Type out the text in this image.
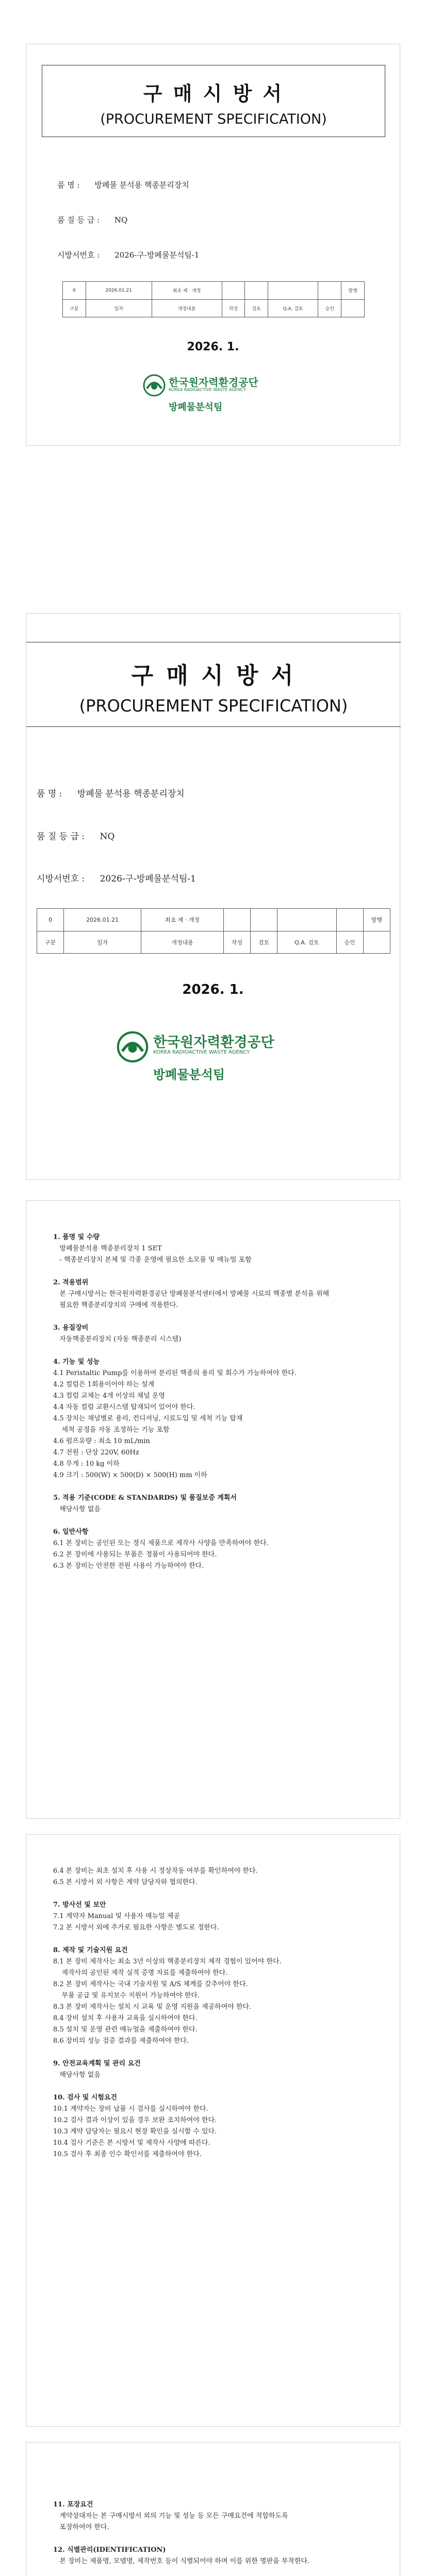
구 매 시 방 서
(PROCUREMENT SPECIFICATION)
품 명 : 방폐물 분석용 핵종분리장치
품 질 등 급 : NQ
시방서번호 : 2026-구-방폐물분석팀-1
0	2026.01.21	최초 제 · 개정					발행
구분	일자	개정내용	작성	검토	Q.A. 검토	승인	
2026. 1.
한국원자력환경공단
KOREA RADIOACTIVE WASTE AGENCY
방폐물분석팀
구 매 시 방 서
(PROCUREMENT SPECIFICATION)
품 명 : 방폐물 분석용 핵종분리장치
품 질 등 급 : NQ
시방서번호 : 2026-구-방폐물분석팀-1
0	2026.01.21	최초 제 · 개정					발행
구분	일자	개정내용	작성	검토	Q.A. 검토	승인	
2026. 1.
한국원자력환경공단
KOREA RADIOACTIVE WASTE AGENCY
방폐물분석팀
1. 품명 및 수량
방폐물분석용 핵종분리장치 1 SET
- 핵종분리장치 본체 및 각종 운영에 필요한 소모품 및 매뉴얼 포함
2. 적용범위
본 구매시방서는 한국원자력환경공단 방폐물분석센터에서 방폐물 시료의 핵종별 분석을 위해
필요한 핵종분리장치의 구매에 적용한다.
3. 용질장비
자동핵종분리장치 (자동 핵종분리 시스템)
4. 기능 및 성능
4.1 Peristaltic Pump를 이용하여 분리된 핵종의 용리 및 회수가 가능하여야 한다.
4.2 컬럼은 1회용이어야 하는 설계
4.3 컬럼 교체는 4개 이상의 채널 운영
4.4 자동 컬럼 교환시스템 탑재되어 있어야 한다.
4.5 장치는 채널별로 용리, 컨디셔닝, 시료도입 및 세척 기능 탑재
세척 공정을 자동 조정하는 기능 포함
4.6 펌프유량 : 최소 10 mL/min
4.7 전원 : 단상 220V, 60Hz
4.8 무게 : 10 kg 이하
4.9 크기 : 500(W) × 500(D) × 500(H) mm 이하
5. 적용 기준(CODE & STANDARDS) 및 품질보증 계획서
해당사항 없음
6. 일반사항
6.1 본 장비는 공인된 또는 정식 제품으로 제작사 사양을 만족하여야 한다.
6.2 본 장비에 사용되는 부품은 정품이 사용되어야 한다.
6.3 본 장비는 안전한 전원 사용이 가능하여야 한다.
6.4 본 장비는 최초 설치 후 사용 시 정상작동 여부를 확인하여야 한다.
6.5 본 시방서 외 사항은 계약 담당자와 협의한다.
7. 방사선 및 보안
7.1 계약자 Manual 및 사용자 매뉴얼 제공
7.2 본 시방서 외에 추가로 필요한 사항은 별도로 정한다.
8. 제작 및 기술지원 요건
8.1 본 장비 제작사는 최소 3년 이상의 핵종분리장치 제작 경험이 있어야 한다.
제작사의 공인된 제작 실적 증명 자료를 제출하여야 한다.
8.2 본 장비 제작사는 국내 기술지원 및 A/S 체계를 갖추어야 한다.
부품 공급 및 유지보수 지원이 가능하여야 한다.
8.3 본 장비 제작사는 설치 시 교육 및 운영 지원을 제공하여야 한다.
8.4 장비 설치 후 사용자 교육을 실시하여야 한다.
8.5 설치 및 운영 관련 매뉴얼을 제출하여야 한다.
8.6 장비의 성능 검증 결과를 제출하여야 한다.
9. 안전교육계획 및 관리 요건
해당사항 없음
10. 검사 및 시험요건
10.1 계약자는 장비 납품 시 검사를 실시하여야 한다.
10.2 검사 결과 이상이 있을 경우 보완 조치하여야 한다.
10.3 계약 담당자는 필요시 현장 확인을 실시할 수 있다.
10.4 검사 기준은 본 시방서 및 제작사 사양에 따른다.
10.5 검사 후 최종 인수 확인서를 제출하여야 한다.
11. 포장요건
계약상대자는 본 구매시방서 외의 기능 및 성능 등 모든 구매요건에 적합하도록
포장하여야 한다.
12. 식별관리(IDENTIFICATION)
본 장비는 제품명, 모델명, 제작번호 등이 식별되어야 하며 이를 위한 명판을 부착한다.
